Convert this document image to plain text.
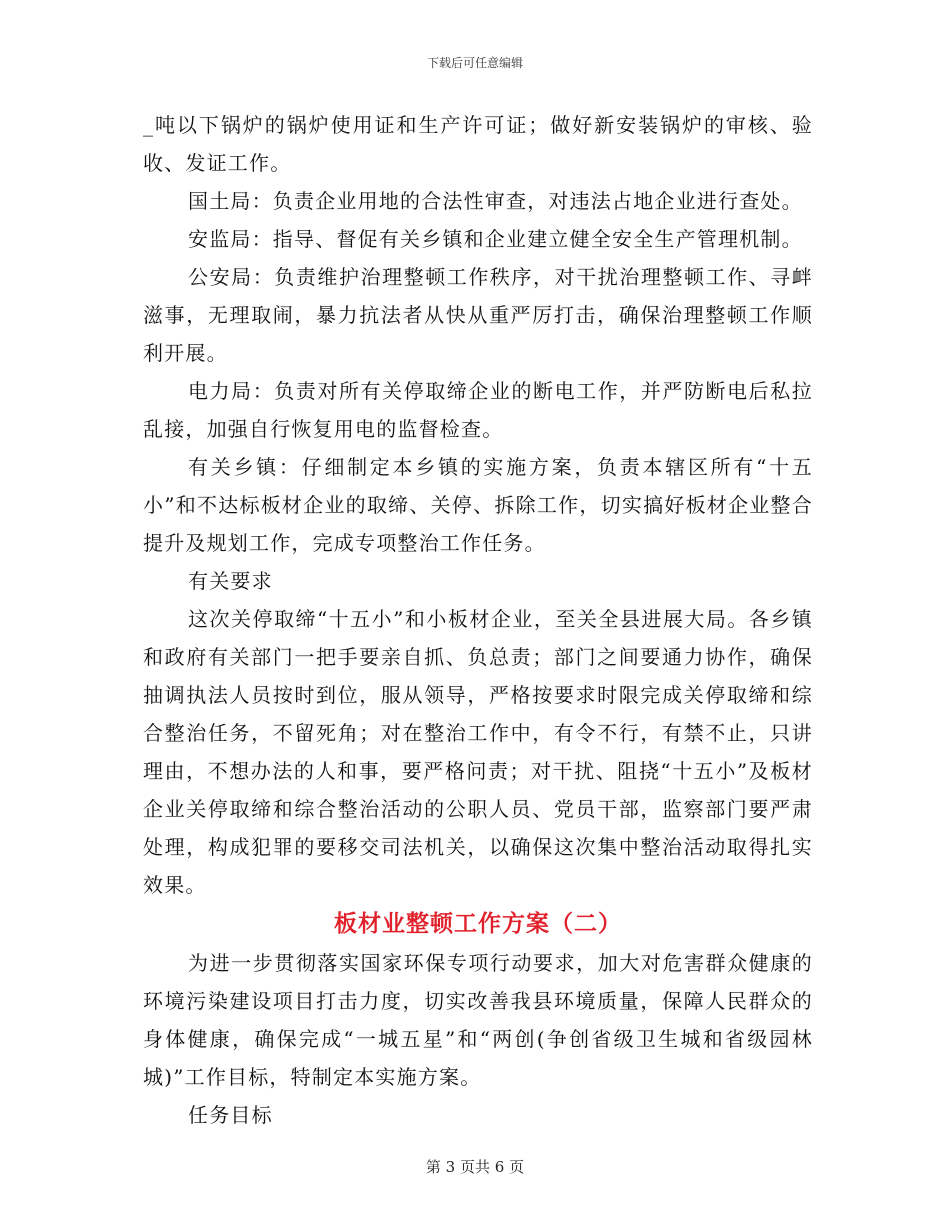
下载后可任意编辑

_吨以下锅炉的锅炉使用证和生产许可证；做好新安装锅炉的审核、验收、发证工作。

国土局：负责企业用地的合法性审查，对违法占地企业进行查处。

安监局：指导、督促有关乡镇和企业建立健全安全生产管理机制。

公安局：负责维护治理整顿工作秩序，对干扰治理整顿工作、寻衅滋事，无理取闹，暴力抗法者从快从重严厉打击，确保治理整顿工作顺利开展。

电力局：负责对所有关停取缔企业的断电工作，并严防断电后私拉乱接，加强自行恢复用电的监督检查。

有关乡镇：仔细制定本乡镇的实施方案，负责本辖区所有“十五小”和不达标板材企业的取缔、关停、拆除工作，切实搞好板材企业整合提升及规划工作，完成专项整治工作任务。

有关要求

这次关停取缔“十五小”和小板材企业，至关全县进展大局。各乡镇和政府有关部门一把手要亲自抓、负总责；部门之间要通力协作，确保抽调执法人员按时到位，服从领导，严格按要求时限完成关停取缔和综合整治任务，不留死角；对在整治工作中，有令不行，有禁不止，只讲理由，不想办法的人和事，要严格问责；对干扰、阻挠“十五小”及板材企业关停取缔和综合整治活动的公职人员、党员干部，监察部门要严肃处理，构成犯罪的要移交司法机关，以确保这次集中整治活动取得扎实效果。

板材业整顿工作方案（二）

为进一步贯彻落实国家环保专项行动要求，加大对危害群众健康的环境污染建设项目打击力度，切实改善我县环境质量，保障人民群众的身体健康，确保完成“一城五星”和“两创(争创省级卫生城和省级园林城)”工作目标，特制定本实施方案。

任务目标

第 3 页共 6 页
